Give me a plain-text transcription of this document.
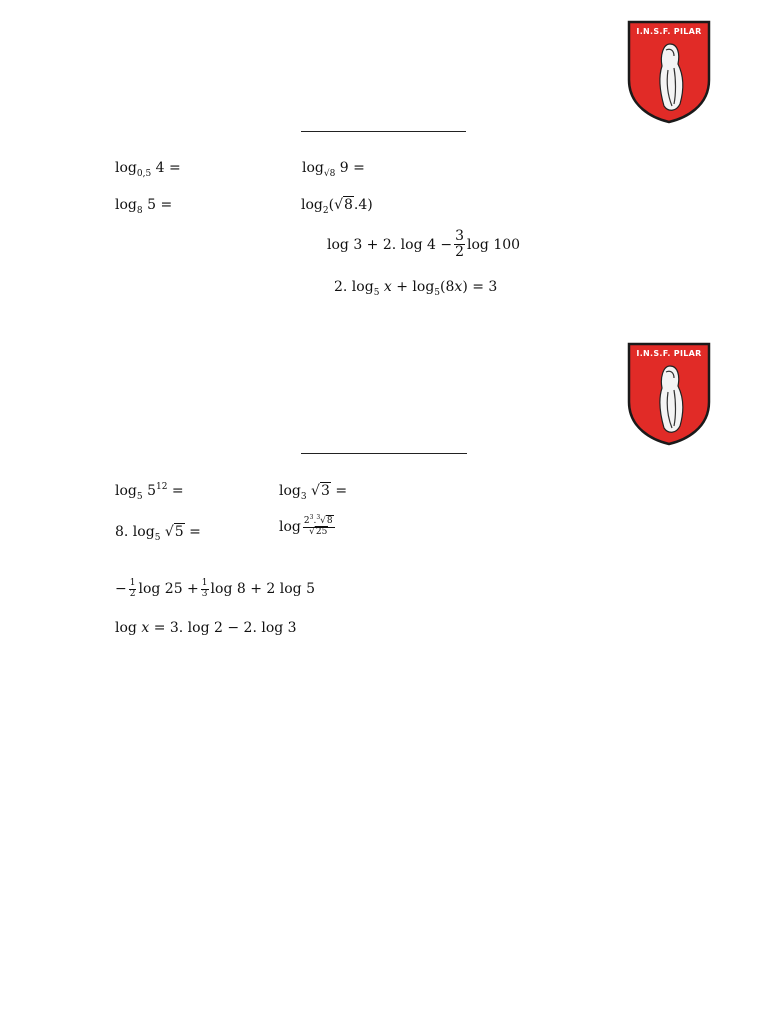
I.N.S.F. PILAR
$\log_{0,5} 4$ =	$\log_{√8} 9$ =
$\log_8 5$ =	$\log_2(√8.4)$
log 3 + 2. $\log 4 - \frac{3}{2}$ log 100
2. $\log_5 x + \log_5(8x) = 3$
I.N.S.F. PILAR
$\log_5 5^{12}$ =	$\log_3 √3$ =
8. $\log_5 √5$ =	$\log \frac{2^3.^3√8}{√25}$
− $\frac{1}{2}$ $\log 25 + \frac{1}{3}$ log 8 + 2 log 5
log x = 3. log 2 − 2. log 3
